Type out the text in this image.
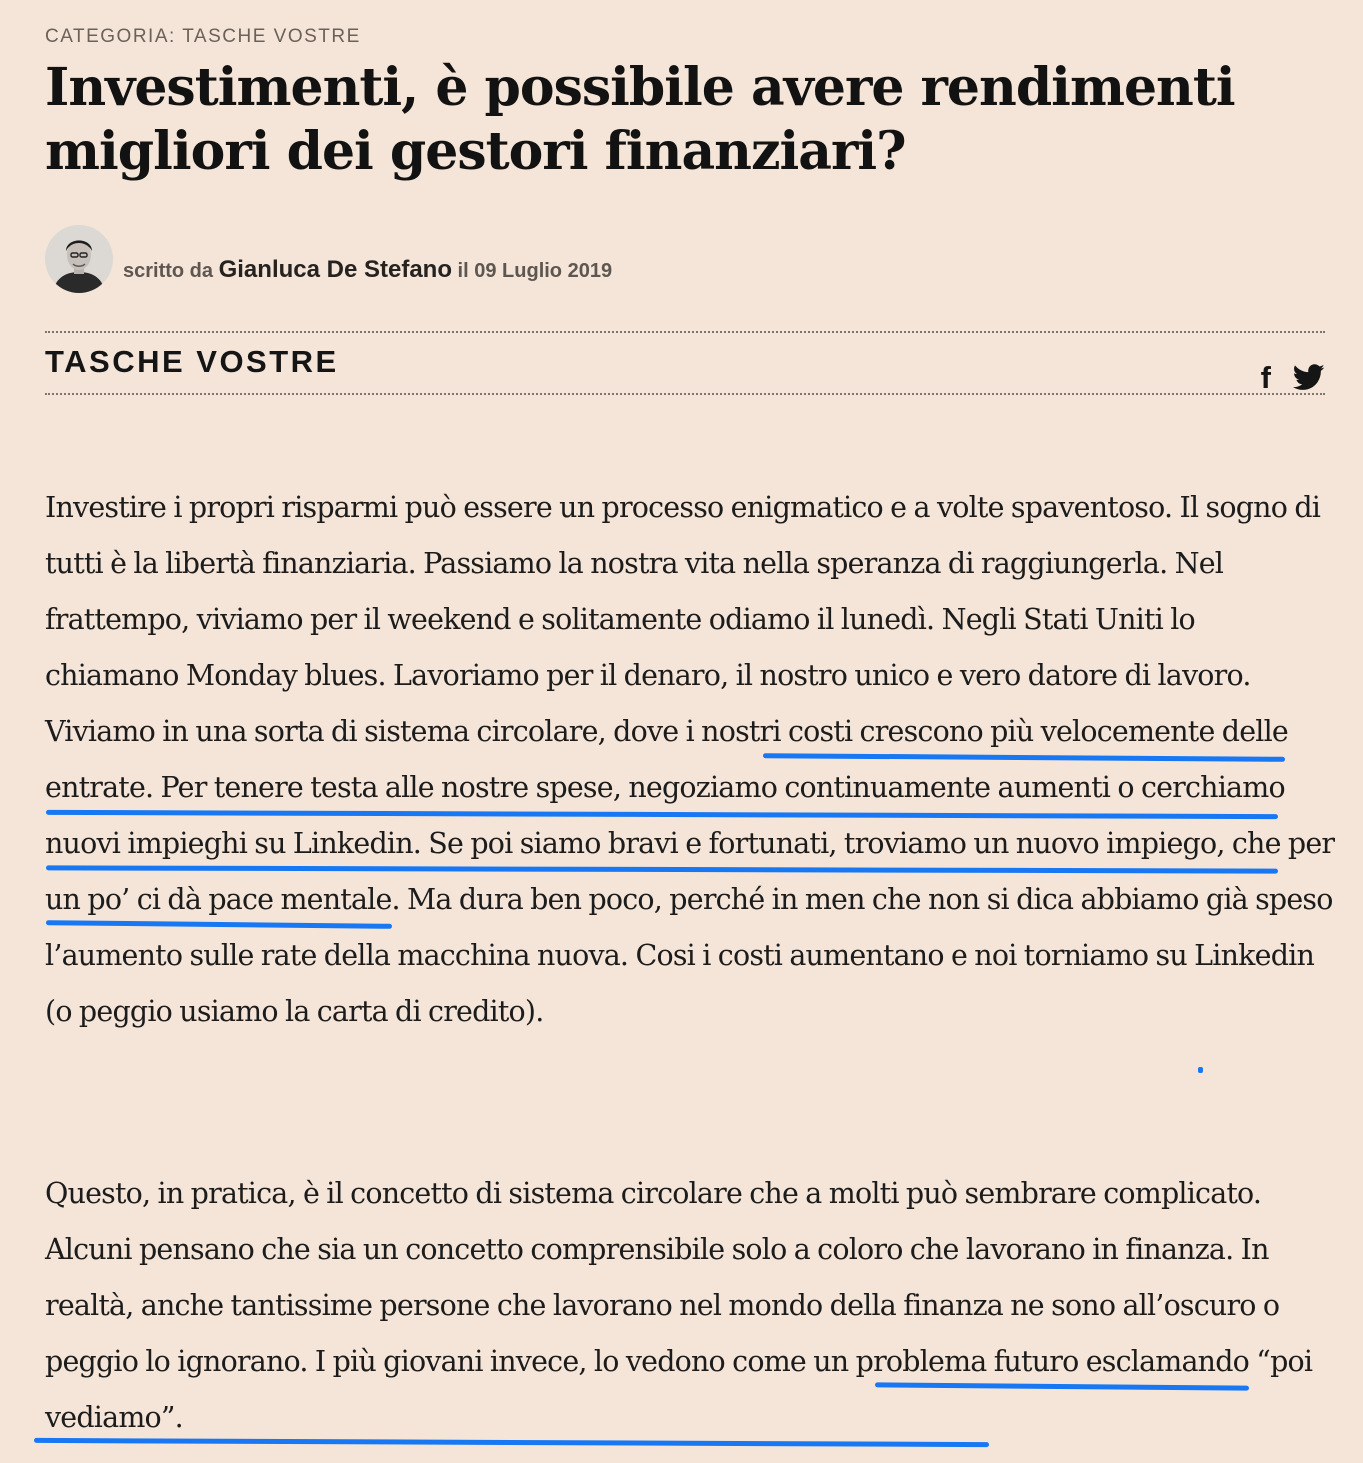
CATEGORIA: TASCHE VOSTRE
Investimenti, è possibile avere rendimenti migliori dei gestori finanziari?
scritto da Gianluca De Stefano il 09 Luglio 2019
TASCHE VOSTRE	f

Investire i propri risparmi può essere un processo enigmatico e a volte spaventoso. Il sogno di tutti è la libertà finanziaria. Passiamo la nostra vita nella speranza di raggiungerla. Nel frattempo, viviamo per il weekend e solitamente odiamo il lunedì. Negli Stati Uniti lo chiamano Monday blues. Lavoriamo per il denaro, il nostro unico e vero datore di lavoro. Viviamo in una sorta di sistema circolare, dove i nostri costi crescono più velocemente delle entrate. Per tenere testa alle nostre spese, negoziamo continuamente aumenti o cerchiamo nuovi impieghi su Linkedin. Se poi siamo bravi e fortunati, troviamo un nuovo impiego, che per un po’ ci dà pace mentale. Ma dura ben poco, perché in men che non si dica abbiamo già speso l’aumento sulle rate della macchina nuova. Cosi i costi aumentano e noi torniamo su Linkedin (o peggio usiamo la carta di credito).

Questo, in pratica, è il concetto di sistema circolare che a molti può sembrare complicato. Alcuni pensano che sia un concetto comprensibile solo a coloro che lavorano in finanza. In realtà, anche tantissime persone che lavorano nel mondo della finanza ne sono all’oscuro o peggio lo ignorano. I più giovani invece, lo vedono come un problema futuro esclamando “poi vediamo”.
